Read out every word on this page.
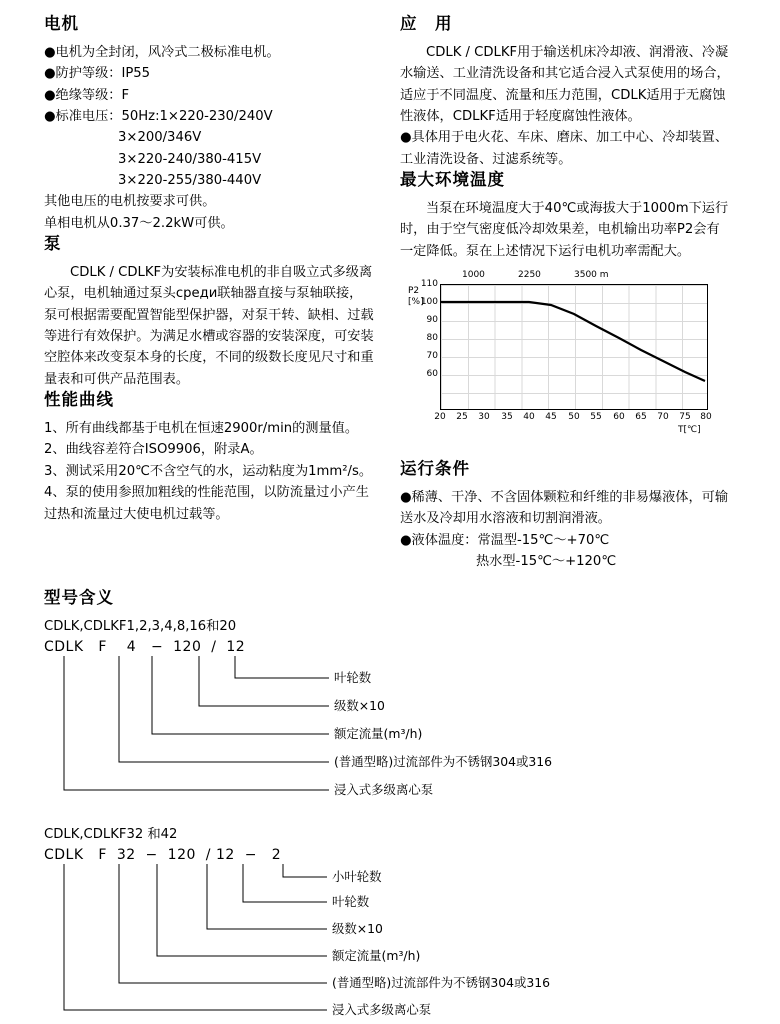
电机

●电机为全封闭，风冷式二极标准电机。

●防护等级：IP55

●绝缘等级：F

●标准电压：50Hz:1×220-230/240V

3×200/346V

3×220-240/380-415V

3×220-255/380-440V

其他电压的电机按要求可供。

单相电机从0.37～2.2kW可供。

泵

CDLK / CDLKF为安装标准电机的非自吸立式多级离心泵，电机轴通过泵头среди联轴器直接与泵轴联接，泵可根据需要配置智能型保护器，对泵干转、缺相、过载等进行有效保护。为满足水槽或容器的安装深度，可安装空腔体来改变泵本身的长度，不同的级数长度见尺寸和重量表和可供产品范围表。

性能曲线

1、所有曲线都基于电机在恒速2900r/min的测量值。

2、曲线容差符合ISO9906，附录A。

3、测试采用20℃不含空气的水，运动粘度为1mm²/s。

4、泵的使用参照加粗线的性能范围，以防流量过小产生过热和流量过大使电机过载等。

应　用

CDLK / CDLKF用于输送机床冷却液、润滑液、冷凝水输送、工业清洗设备和其它适合浸入式泵使用的场合，适应于不同温度、流量和压力范围，CDLK适用于无腐蚀性液体，CDLKF适用于轻度腐蚀性液体。

●具体用于电火花、车床、磨床、加工中心、冷却装置、工业清洗设备、过滤系统等。

最大环境温度

当泵在环境温度大于40℃或海拔大于1000m下运行时，由于空气密度低冷却效果差，电机输出功率P2会有一定降低。泵在上述情况下运行电机功率需配大。

1000	2250	3500 m
P2
[%]
110
100
90
80
70
60
20 25 30 35 40 45 50 55 60 65 70 75 80
T[℃]
运行条件

●稀薄、干净、不含固体颗粒和纤维的非易爆液体，可输送水及冷却用水溶液和切割润滑液。

●液体温度：常温型-15℃～+70℃

热水型-15℃～+120℃

型号含义

CDLK,CDLKF1,2,3,4,8,16和20

CDLK   F    4   −  120  /  12

叶轮数
级数×10
额定流量(m³/h)
(普通型略)过流部件为不锈钢304或316
浸入式多级离心泵

CDLK,CDLKF32 和42

CDLK   F  32  −  120  / 12  −   2

小叶轮数
叶轮数
级数×10
额定流量(m³/h)
(普通型略)过流部件为不锈钢304或316
浸入式多级离心泵
